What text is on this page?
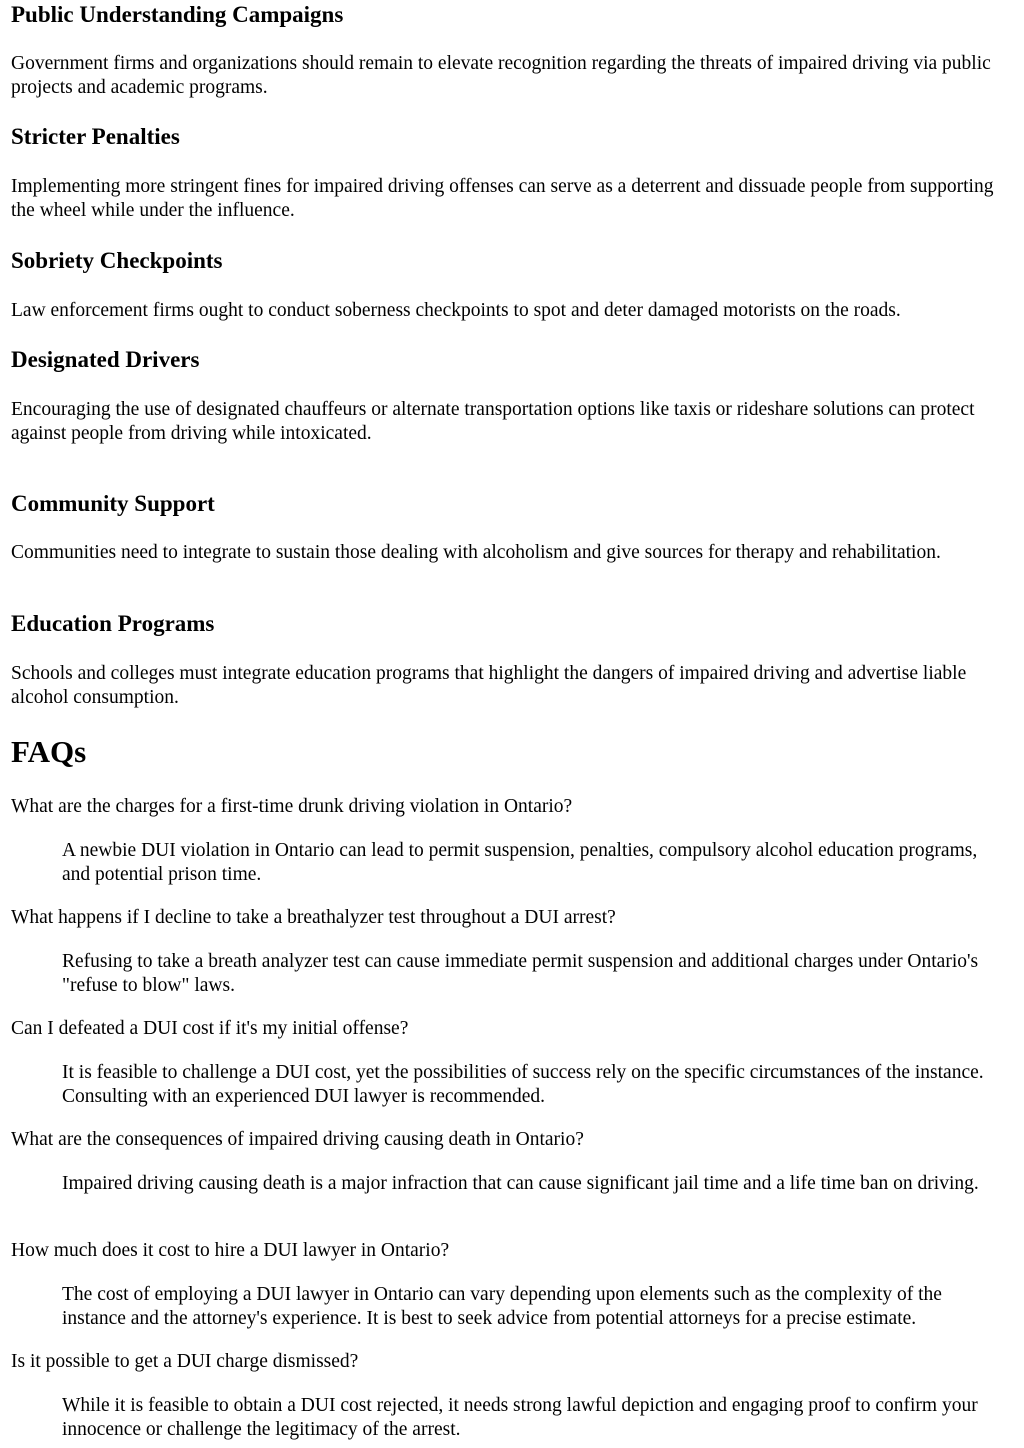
Public Understanding Campaigns

Government firms and organizations should remain to elevate recognition regarding the threats of impaired driving via public projects and academic programs.

Stricter Penalties

Implementing more stringent fines for impaired driving offenses can serve as a deterrent and dissuade people from supporting the wheel while under the influence.

Sobriety Checkpoints

Law enforcement firms ought to conduct soberness checkpoints to spot and deter damaged motorists on the roads.

Designated Drivers

Encouraging the use of designated chauffeurs or alternate transportation options like taxis or rideshare solutions can protect against people from driving while intoxicated.

Community Support

Communities need to integrate to sustain those dealing with alcoholism and give sources for therapy and rehabilitation.

Education Programs

Schools and colleges must integrate education programs that highlight the dangers of impaired driving and advertise liable alcohol consumption.

FAQs
What are the charges for a first-time drunk driving violation in Ontario?
A newbie DUI violation in Ontario can lead to permit suspension, penalties, compulsory alcohol education programs, and potential prison time.
What happens if I decline to take a breathalyzer test throughout a DUI arrest?
Refusing to take a breath analyzer test can cause immediate permit suspension and additional charges under Ontario's "refuse to blow" laws.
Can I defeated a DUI cost if it's my initial offense?
It is feasible to challenge a DUI cost, yet the possibilities of success rely on the specific circumstances of the instance. Consulting with an experienced DUI lawyer is recommended.
What are the consequences of impaired driving causing death in Ontario?
Impaired driving causing death is a major infraction that can cause significant jail time and a life time ban on driving.
How much does it cost to hire a DUI lawyer in Ontario?
The cost of employing a DUI lawyer in Ontario can vary depending upon elements such as the complexity of the instance and the attorney's experience. It is best to seek advice from potential attorneys for a precise estimate.
Is it possible to get a DUI charge dismissed?
While it is feasible to obtain a DUI cost rejected, it needs strong lawful depiction and engaging proof to confirm your innocence or challenge the legitimacy of the arrest.
